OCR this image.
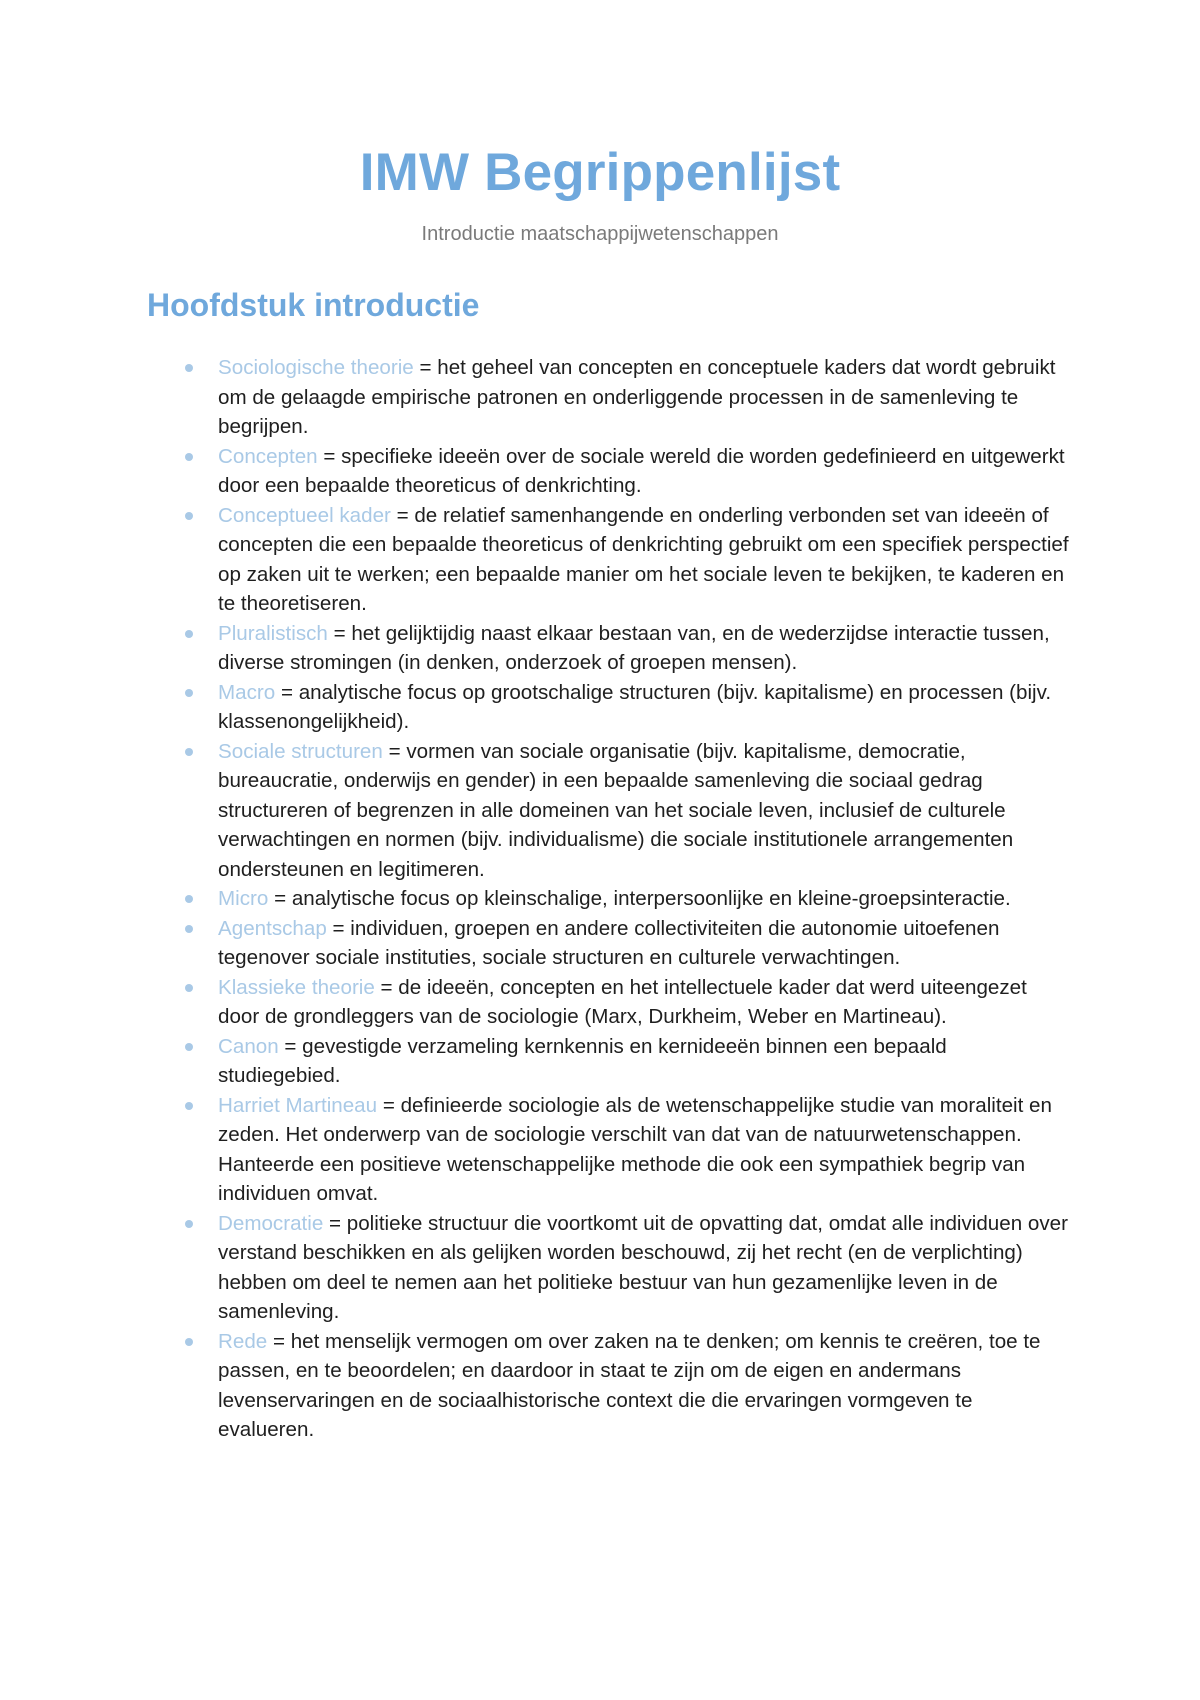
IMW Begrippenlijst
Introductie maatschappijwetenschappen
Hoofdstuk introductie
Sociologische theorie = het geheel van concepten en conceptuele kaders dat wordt gebruikt om de gelaagde empirische patronen en onderliggende processen in de samenleving te begrijpen.
Concepten = specifieke ideeën over de sociale wereld die worden gedefinieerd en uitgewerkt door een bepaalde theoreticus of denkrichting.
Conceptueel kader = de relatief samenhangende en onderling verbonden set van ideeën of concepten die een bepaalde theoreticus of denkrichting gebruikt om een specifiek perspectief op zaken uit te werken; een bepaalde manier om het sociale leven te bekijken, te kaderen en te theoretiseren.
Pluralistisch = het gelijktijdig naast elkaar bestaan van, en de wederzijdse interactie tussen, diverse stromingen (in denken, onderzoek of groepen mensen).
Macro = analytische focus op grootschalige structuren (bijv. kapitalisme) en processen (bijv. klassenongelijkheid).
Sociale structuren = vormen van sociale organisatie (bijv. kapitalisme, democratie, bureaucratie, onderwijs en gender) in een bepaalde samenleving die sociaal gedrag structureren of begrenzen in alle domeinen van het sociale leven, inclusief de culturele verwachtingen en normen (bijv. individualisme) die sociale institutionele arrangementen ondersteunen en legitimeren.
Micro = analytische focus op kleinschalige, interpersoonlijke en kleine-groepsinteractie.
Agentschap = individuen, groepen en andere collectiviteiten die autonomie uitoefenen tegenover sociale instituties, sociale structuren en culturele verwachtingen.
Klassieke theorie = de ideeën, concepten en het intellectuele kader dat werd uiteengezet door de grondleggers van de sociologie (Marx, Durkheim, Weber en Martineau).
Canon = gevestigde verzameling kernkennis en kernideeën binnen een bepaald studiegebied.
Harriet Martineau = definieerde sociologie als de wetenschappelijke studie van moraliteit en zeden. Het onderwerp van de sociologie verschilt van dat van de natuurwetenschappen. Hanteerde een positieve wetenschappelijke methode die ook een sympathiek begrip van individuen omvat.
Democratie = politieke structuur die voortkomt uit de opvatting dat, omdat alle individuen over verstand beschikken en als gelijken worden beschouwd, zij het recht (en de verplichting) hebben om deel te nemen aan het politieke bestuur van hun gezamenlijke leven in de samenleving.
Rede = het menselijk vermogen om over zaken na te denken; om kennis te creëren, toe te passen, en te beoordelen; en daardoor in staat te zijn om de eigen en andermans levenservaringen en de sociaalhistorische context die die ervaringen vormgeven te evalueren.
